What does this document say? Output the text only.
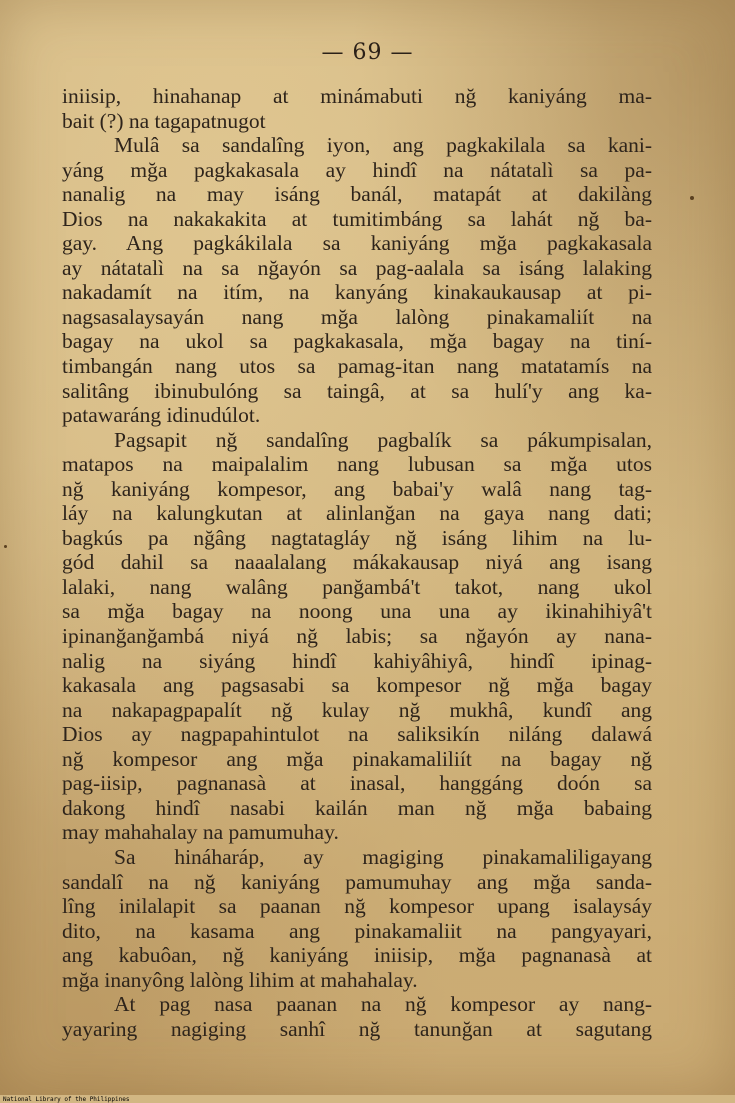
— 69 —
iniisip, hinahanap at minámabuti nğ kaniyáng ma-
bait (?) na tagapatnugot
Mulâ sa sandalîng iyon, ang pagkakilala sa kani-
yáng mğa pagkakasala ay hindî na nátatalì sa pa-
nanalig na may isáng banál, matapát at dakilàng
Dios na nakakakita at tumitimbáng sa lahát nğ ba-
gay. Ang pagkákilala sa kaniyáng mğa pagkakasala
ay nátatalì na sa nğayón sa pag-aalala sa isáng lalaking
nakadamít na itím, na kanyáng kinakaukausap at pi-
nagsasalaysayán nang mğa lalòng pinakamaliít na
bagay na ukol sa pagkakasala, mğa bagay na tiní-
timbangán nang utos sa pamag-itan nang matatamís na
salitâng ibinubulóng sa taingâ, at sa hulí'y ang ka-
patawaráng idinudúlot.
Pagsapit nğ sandalîng pagbalík sa pákumpisalan,
matapos na maipalalim nang lubusan sa mğa utos
nğ kaniyáng kompesor, ang babai'y walâ nang tag-
láy na kalungkutan at alinlanğan na gaya nang dati;
bagkús pa nğâng nagtatagláy nğ isáng lihim na lu-
gód dahil sa naaalalang mákakausap niyá ang isang
lalaki, nang walâng panğambá't takot, nang ukol
sa mğa bagay na noong una una ay ikinahihiyâ't
ipinanğanğambá niyá nğ labis; sa nğayón ay nana-
nalig na siyáng hindî kahiyâhiyâ, hindî ipinag-
kakasala ang pagsasabi sa kompesor nğ mğa bagay
na nakapagpapalít nğ kulay nğ mukhâ, kundî ang
Dios ay nagpapahintulot na saliksikín niláng dalawá
nğ kompesor ang mğa pinakamaliliít na bagay nğ
pag-iisip, pagnanasà at inasal, hanggáng doón sa
dakong hindî nasabi kailán man nğ mğa babaing
may mahahalay na pamumuhay.
Sa hináharáp, ay magiging pinakamaliligayang
sandalî na nğ kaniyáng pamumuhay ang mğa sanda-
lîng inilalapit sa paanan nğ kompesor upang isalaysáy
dito, na kasama ang pinakamaliit na pangyayari,
ang kabuôan, nğ kaniyáng iniisip, mğa pagnanasà at
mğa inanyông lalòng lihim at mahahalay.
At pag nasa paanan na nğ kompesor ay nang-
yayaring nagiging sanhî nğ tanunğan at sagutang
National Library of the Philippines
